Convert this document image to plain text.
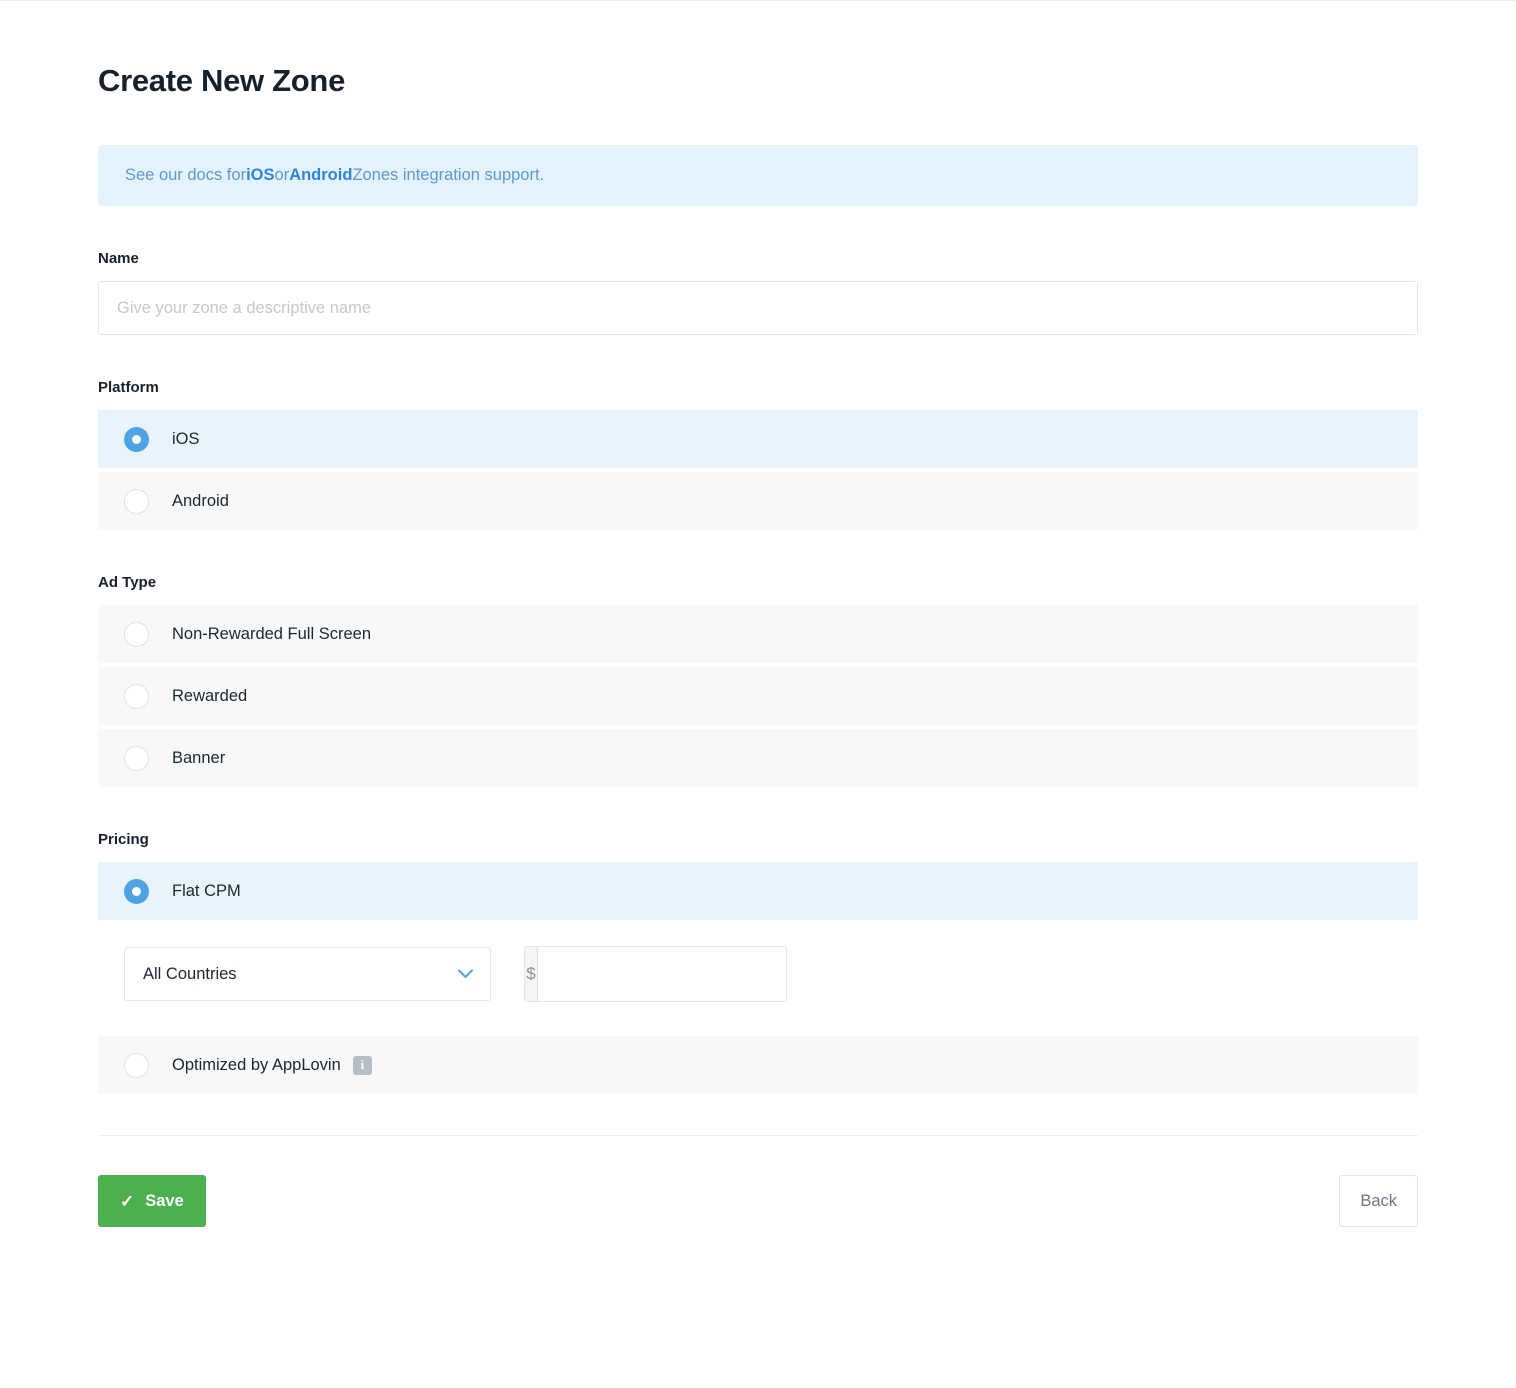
Create New Zone
See our docs for iOS or Android Zones integration support.
Name
Give your zone a descriptive name
Platform
iOS
Android
Ad Type
Non-Rewarded Full Screen
Rewarded
Banner
Pricing
Flat CPM
All Countries	$
Optimized by AppLovin	i
✓ Save	Back
